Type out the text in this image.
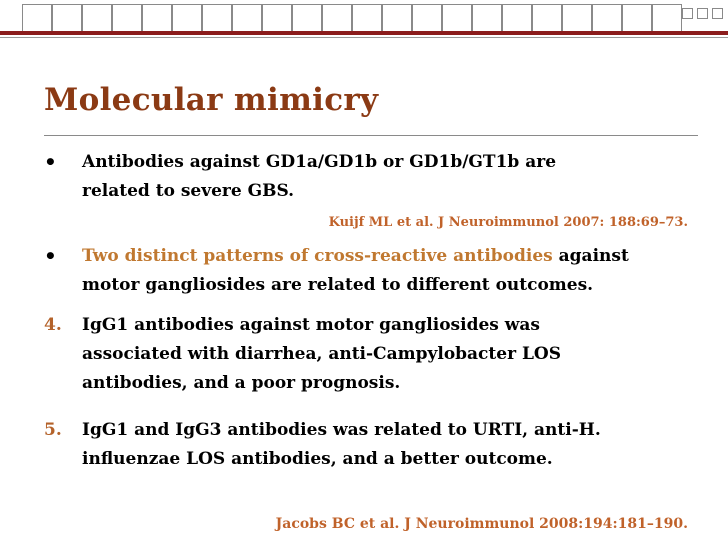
Molecular mimicry
•	Antibodies against GD1a/GD1b or GD1b/GT1b are
related to severe GBS.
Kuijf ML et al. J Neuroimmunol 2007: 188:69–73.
•	Two distinct patterns of cross-reactive antibodies against
motor gangliosides are related to different outcomes.
4.	IgG1 antibodies against motor gangliosides was
associated with diarrhea, anti-Campylobacter LOS
antibodies, and a poor prognosis.
5.	IgG1 and IgG3 antibodies was related to URTI, anti-H.
influenzae LOS antibodies, and a better outcome.
Jacobs BC et al. J Neuroimmunol 2008:194:181–190.
